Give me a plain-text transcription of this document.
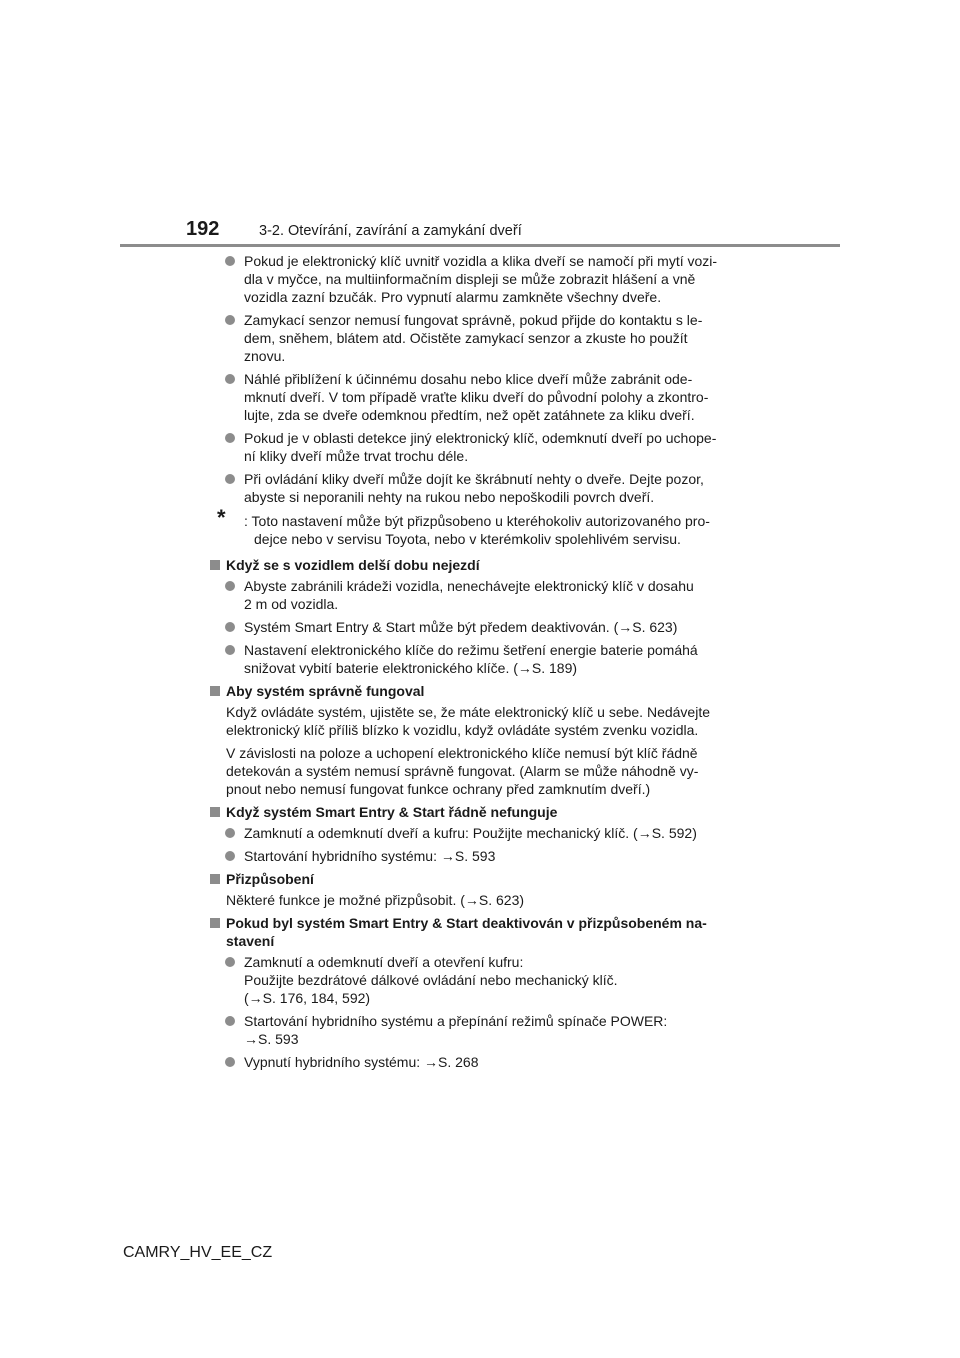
192	3-2. Otevírání, zavírání a zamykání dveří
Pokud je elektronický klíč uvnitř vozidla a klika dveří se namočí při mytí vozi-
dla v myčce, na multiinformačním displeji se může zobrazit hlášení a vně
vozidla zazní bzučák. Pro vypnutí alarmu zamkněte všechny dveře.
Zamykací senzor nemusí fungovat správně, pokud přijde do kontaktu s le-
dem, sněhem, blátem atd. Očistěte zamykací senzor a zkuste ho použít
znovu.
Náhlé přiblížení k účinnému dosahu nebo klice dveří může zabránit ode-
mknutí dveří. V tom případě vraťte kliku dveří do původní polohy a zkontro-
lujte, zda se dveře odemknou předtím, než opět zatáhnete za kliku dveří.
Pokud je v oblasti detekce jiný elektronický klíč, odemknutí dveří po uchope-
ní kliky dveří může trvat trochu déle.
Při ovládání kliky dveří může dojít ke škrábnutí nehty o dveře. Dejte pozor,
abyste si neporanili nehty na rukou nebo nepoškodili povrch dveří.
* : Toto nastavení může být přizpůsobeno u kteréhokoliv autorizovaného pro-
dejce nebo v servisu Toyota, nebo v kterémkoliv spolehlivém servisu.
Když se s vozidlem delší dobu nejezdí
Abyste zabránili krádeži vozidla, nenechávejte elektronický klíč v dosahu
2 m od vozidla.
Systém Smart Entry & Start může být předem deaktivován. (→S. 623)
Nastavení elektronického klíče do režimu šetření energie baterie pomáhá
snižovat vybití baterie elektronického klíče. (→S. 189)
Aby systém správně fungoval
Když ovládáte systém, ujistěte se, že máte elektronický klíč u sebe. Nedávejte
elektronický klíč příliš blízko k vozidlu, když ovládáte systém zvenku vozidla.
V závislosti na poloze a uchopení elektronického klíče nemusí být klíč řádně
detekován a systém nemusí správně fungovat. (Alarm se může náhodně vy-
pnout nebo nemusí fungovat funkce ochrany před zamknutím dveří.)
Když systém Smart Entry & Start řádně nefunguje
Zamknutí a odemknutí dveří a kufru: Použijte mechanický klíč. (→S. 592)
Startování hybridního systému: →S. 593
Přizpůsobení
Některé funkce je možné přizpůsobit. (→S. 623)
Pokud byl systém Smart Entry & Start deaktivován v přizpůsobeném na-
stavení
Zamknutí a odemknutí dveří a otevření kufru:
Použijte bezdrátové dálkové ovládání nebo mechanický klíč.
(→S. 176, 184, 592)
Startování hybridního systému a přepínání režimů spínače POWER:
→S. 593
Vypnutí hybridního systému: →S. 268
CAMRY_HV_EE_CZ
